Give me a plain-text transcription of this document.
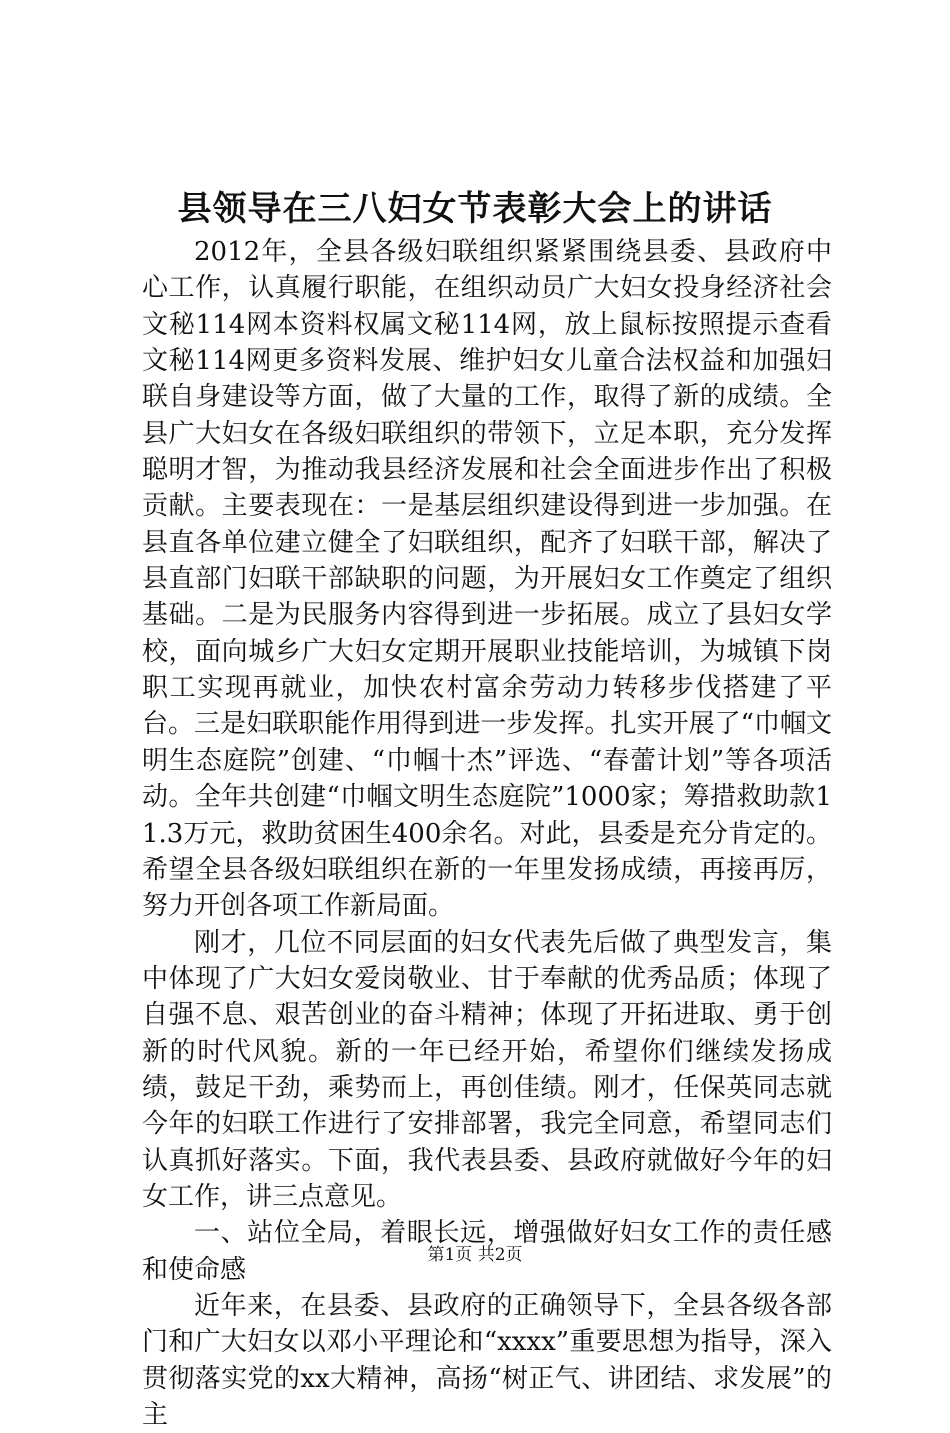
县领导在三八妇女节表彰大会上的讲话

2012年，全县各级妇联组织紧紧围绕县委、县政府中心工作，认真履行职能，在组织动员广大妇女投身经济社会文秘114网本资料权属文秘114网，放上鼠标按照提示查看文秘114网更多资料发展、维护妇女儿童合法权益和加强妇联自身建设等方面，做了大量的工作，取得了新的成绩。全县广大妇女在各级妇联组织的带领下，立足本职，充分发挥聪明才智，为推动我县经济发展和社会全面进步作出了积极贡献。主要表现在：一是基层组织建设得到进一步加强。在县直各单位建立健全了妇联组织，配齐了妇联干部，解决了县直部门妇联干部缺职的问题，为开展妇女工作奠定了组织基础。二是为民服务内容得到进一步拓展。成立了县妇女学校，面向城乡广大妇女定期开展职业技能培训，为城镇下岗职工实现再就业，加快农村富余劳动力转移步伐搭建了平台。三是妇联职能作用得到进一步发挥。扎实开展了“巾帼文明生态庭院”创建、“巾帼十杰”评选、“春蕾计划”等各项活动。全年共创建“巾帼文明生态庭院”1000家；筹措救助款11.3万元，救助贫困生400余名。对此，县委是充分肯定的。希望全县各级妇联组织在新的一年里发扬成绩，再接再厉，努力开创各项工作新局面。

刚才，几位不同层面的妇女代表先后做了典型发言，集中体现了广大妇女爱岗敬业、甘于奉献的优秀品质；体现了自强不息、艰苦创业的奋斗精神；体现了开拓进取、勇于创新的时代风貌。新的一年已经开始，希望你们继续发扬成绩，鼓足干劲，乘势而上，再创佳绩。刚才，任保英同志就今年的妇联工作进行了安排部署，我完全同意，希望同志们认真抓好落实。下面，我代表县委、县政府就做好今年的妇女工作，讲三点意见。

一、站位全局，着眼长远，增强做好妇女工作的责任感和使命感

近年来，在县委、县政府的正确领导下，全县各级各部门和广大妇女以邓小平理论和“xxxx”重要思想为指导，深入贯彻落实党的xx大精神，高扬“树正气、讲团结、求发展”的主

第1页 共2页
